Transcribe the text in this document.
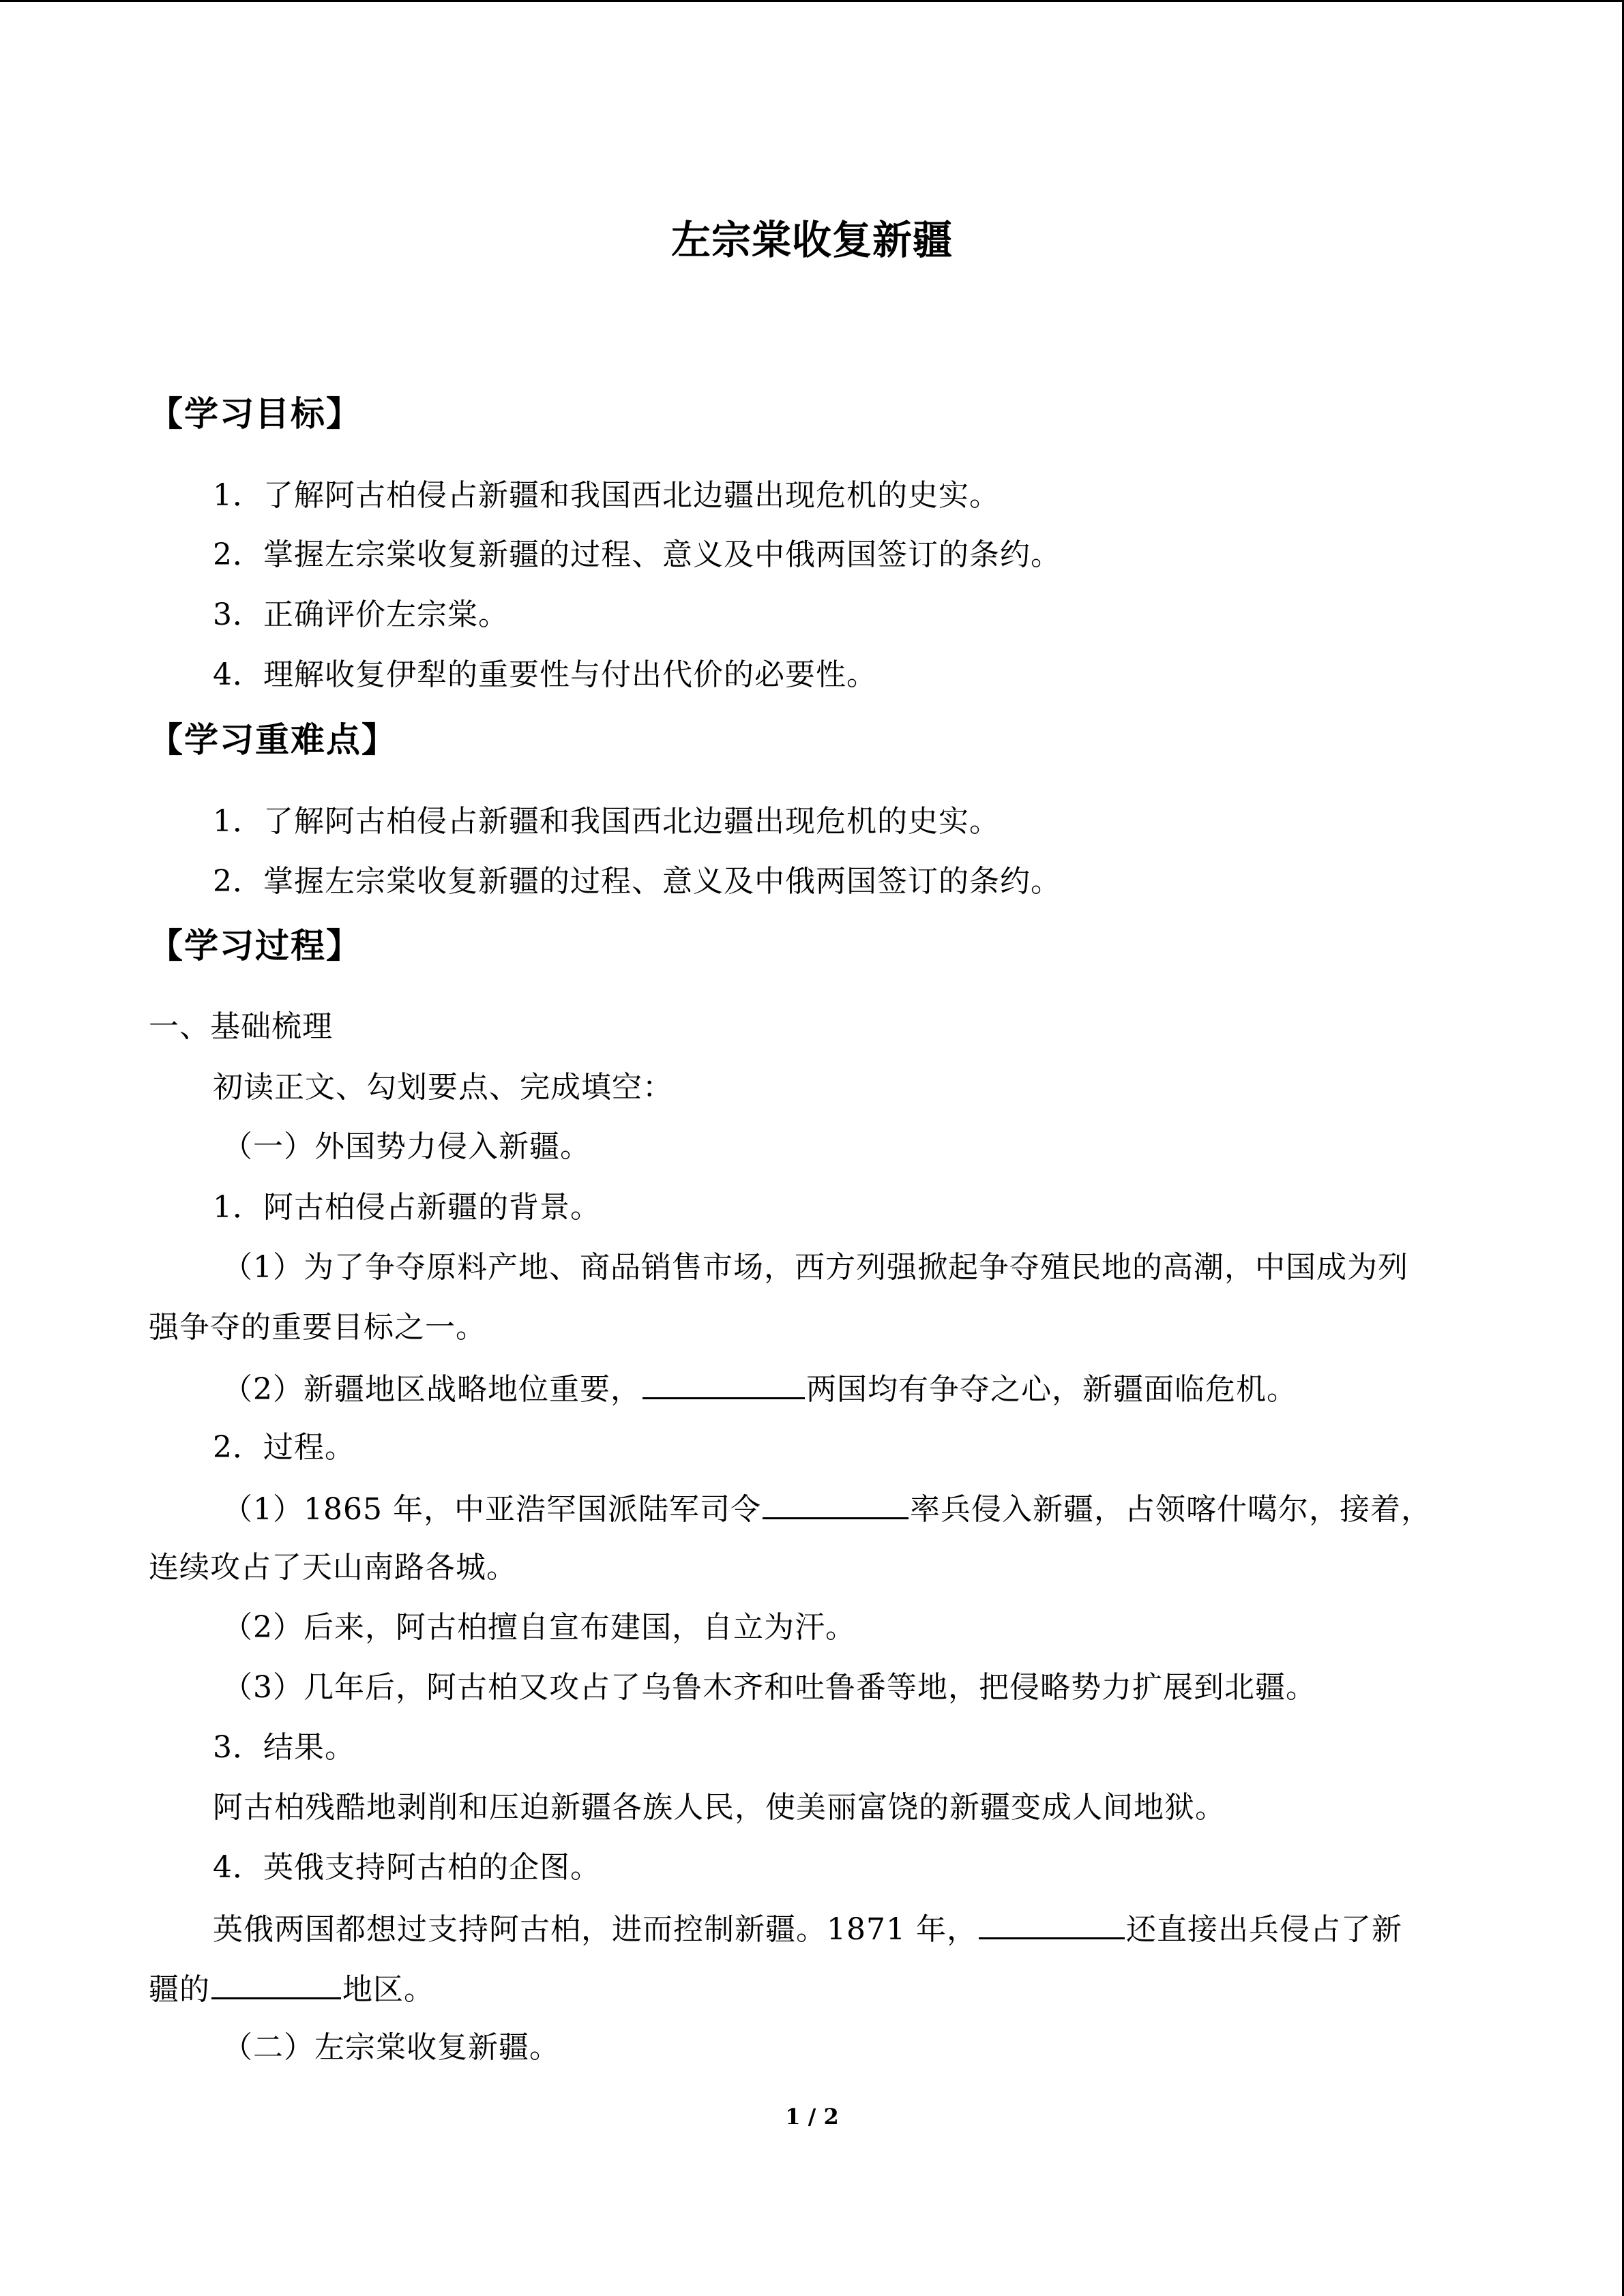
左宗棠收复新疆
【学习目标】
1．了解阿古柏侵占新疆和我国西北边疆出现危机的史实。
2．掌握左宗棠收复新疆的过程、意义及中俄两国签订的条约。
3．正确评价左宗棠。
4．理解收复伊犁的重要性与付出代价的必要性。
【学习重难点】
1．了解阿古柏侵占新疆和我国西北边疆出现危机的史实。
2．掌握左宗棠收复新疆的过程、意义及中俄两国签订的条约。
【学习过程】
一、基础梳理
初读正文、勾划要点、完成填空：
（一）外国势力侵入新疆。
1．阿古柏侵占新疆的背景。
（1）为了争夺原料产地、商品销售市场，西方列强掀起争夺殖民地的高潮，中国成为列
强争夺的重要目标之一。
（2）新疆地区战略地位重要，	两国均有争夺之心，新疆面临危机。
2．过程。
（1）1865 年，中亚浩罕国派陆军司令	率兵侵入新疆，占领喀什噶尔，接着，
连续攻占了天山南路各城。
（2）后来，阿古柏擅自宣布建国，自立为汗。
（3）几年后，阿古柏又攻占了乌鲁木齐和吐鲁番等地，把侵略势力扩展到北疆。
3．结果。
阿古柏残酷地剥削和压迫新疆各族人民，使美丽富饶的新疆变成人间地狱。
4．英俄支持阿古柏的企图。
英俄两国都想过支持阿古柏，进而控制新疆。1871 年，	还直接出兵侵占了新
疆的	地区。
（二）左宗棠收复新疆。
1 / 2
